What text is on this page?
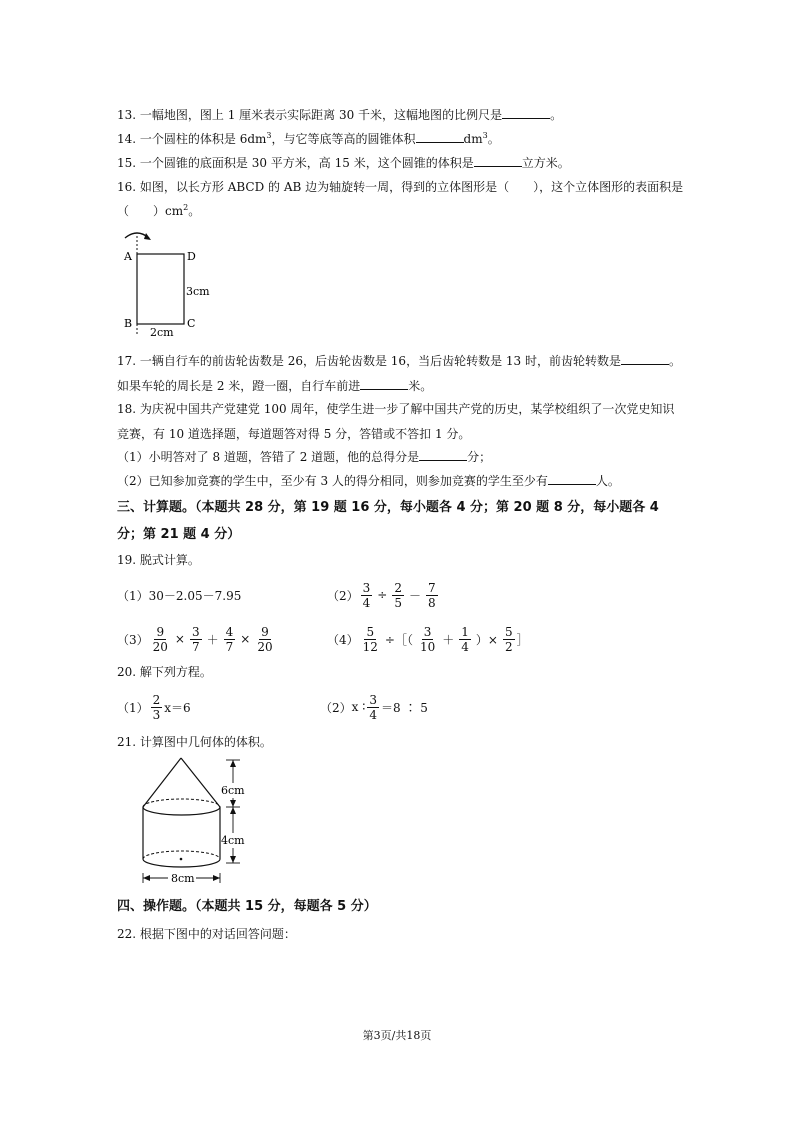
13. 一幅地图，图上 1 厘米表示实际距离 30 千米，这幅地图的比例尺是	。
14. 一个圆柱的体积是 $6dm^3$，与它等底等高的圆锥体积	$dm^3$。
15. 一个圆锥的底面积是 30 平方米，高 15 米，这个圆锥的体积是	立方米。
16. 如图，以长方形 ABCD 的 AB 边为轴旋转一周，得到的立体图形是（　　），这个立体图形的表面积是
（　　）$cm^2$。
A	D
B	C
3cm
2cm
17. 一辆自行车的前齿轮齿数是 26，后齿轮齿数是 16，当后齿轮转数是 13 时，前齿轮转数是	。如果车轮的周长是 2 米，蹬一圈，自行车前进	米。
18. 为庆祝中国共产党建党 100 周年，使学生进一步了解中国共产党的历史，某学校组织了一次党史知识竞赛，有 10 道选择题，每道题答对得 5 分，答错或不答扣 1 分。
（1）小明答对了 8 道题，答错了 2 道题，他的总得分是	分；
（2）已知参加竞赛的学生中，至少有 3 人的得分相同，则参加竞赛的学生至少有	人。
三、计算题。（本题共 28 分，第 19 题 16 分，每小题各 4 分；第 20 题 8 分，每小题各 4 分；第 21 题 4 分）
19. 脱式计算。
（1） 30－2.05－7.95	$(2) \frac{3}{4} \div \frac{2}{5} - \frac{7}{8}$
$(3) \frac{9}{20} \times \frac{3}{7} + \frac{4}{7} \times \frac{9}{20}$	$(4) \frac{5}{12}$ ÷［（ $\frac{3}{10} + \frac{1}{4}$ ）× $\frac{5}{2}$ ］
20. 解下列方程。
$(1) \frac{2}{3} x=6$	（2） x ∶ $\frac{3}{4} =8$ ∶ 5
21. 计算图中几何体的体积。
6cm
4cm
8cm
四、操作题。（本题共 15 分，每题各 5 分）
22. 根据下图中的对话回答问题：
第3页/共18页
